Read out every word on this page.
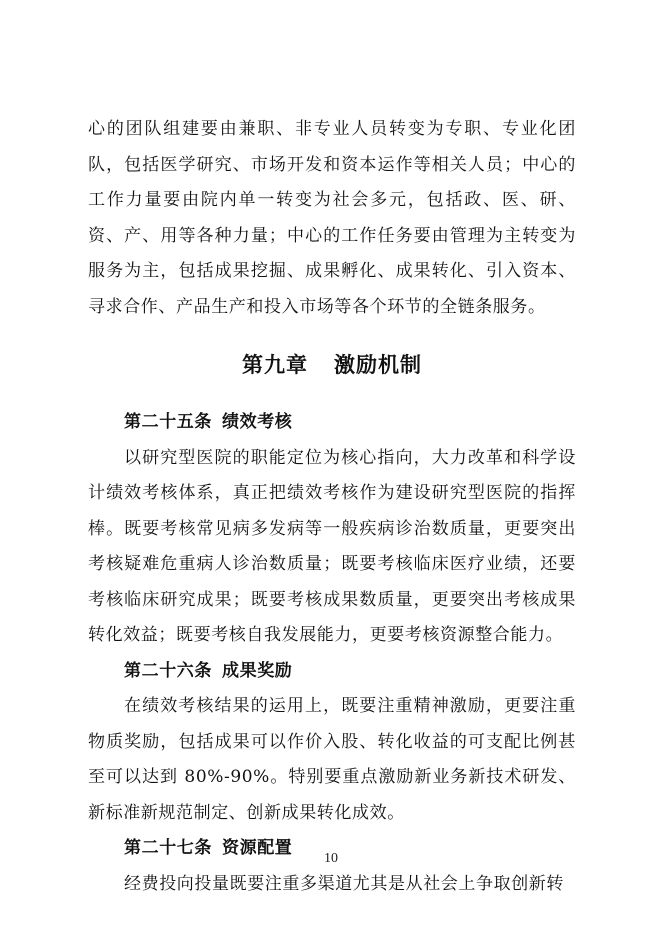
心的团队组建要由兼职、非专业人员转变为专职、专业化团队，包括医学研究、市场开发和资本运作等相关人员；中心的工作力量要由院内单一转变为社会多元，包括政、医、研、资、产、用等各种力量；中心的工作任务要由管理为主转变为服务为主，包括成果挖掘、成果孵化、成果转化、引入资本、寻求合作、产品生产和投入市场等各个环节的全链条服务。

第九章 激励机制

第二十五条 绩效考核

以研究型医院的职能定位为核心指向，大力改革和科学设计绩效考核体系，真正把绩效考核作为建设研究型医院的指挥棒。既要考核常见病多发病等一般疾病诊治数质量，更要突出考核疑难危重病人诊治数质量；既要考核临床医疗业绩，还要考核临床研究成果；既要考核成果数质量，更要突出考核成果转化效益；既要考核自我发展能力，更要考核资源整合能力。

第二十六条 成果奖励

在绩效考核结果的运用上，既要注重精神激励，更要注重物质奖励，包括成果可以作价入股、转化收益的可支配比例甚至可以达到 80%-90%。特别要重点激励新业务新技术研发、新标准新规范制定、创新成果转化成效。

第二十七条 资源配置

经费投向投量既要注重多渠道尤其是从社会上争取创新转

10
